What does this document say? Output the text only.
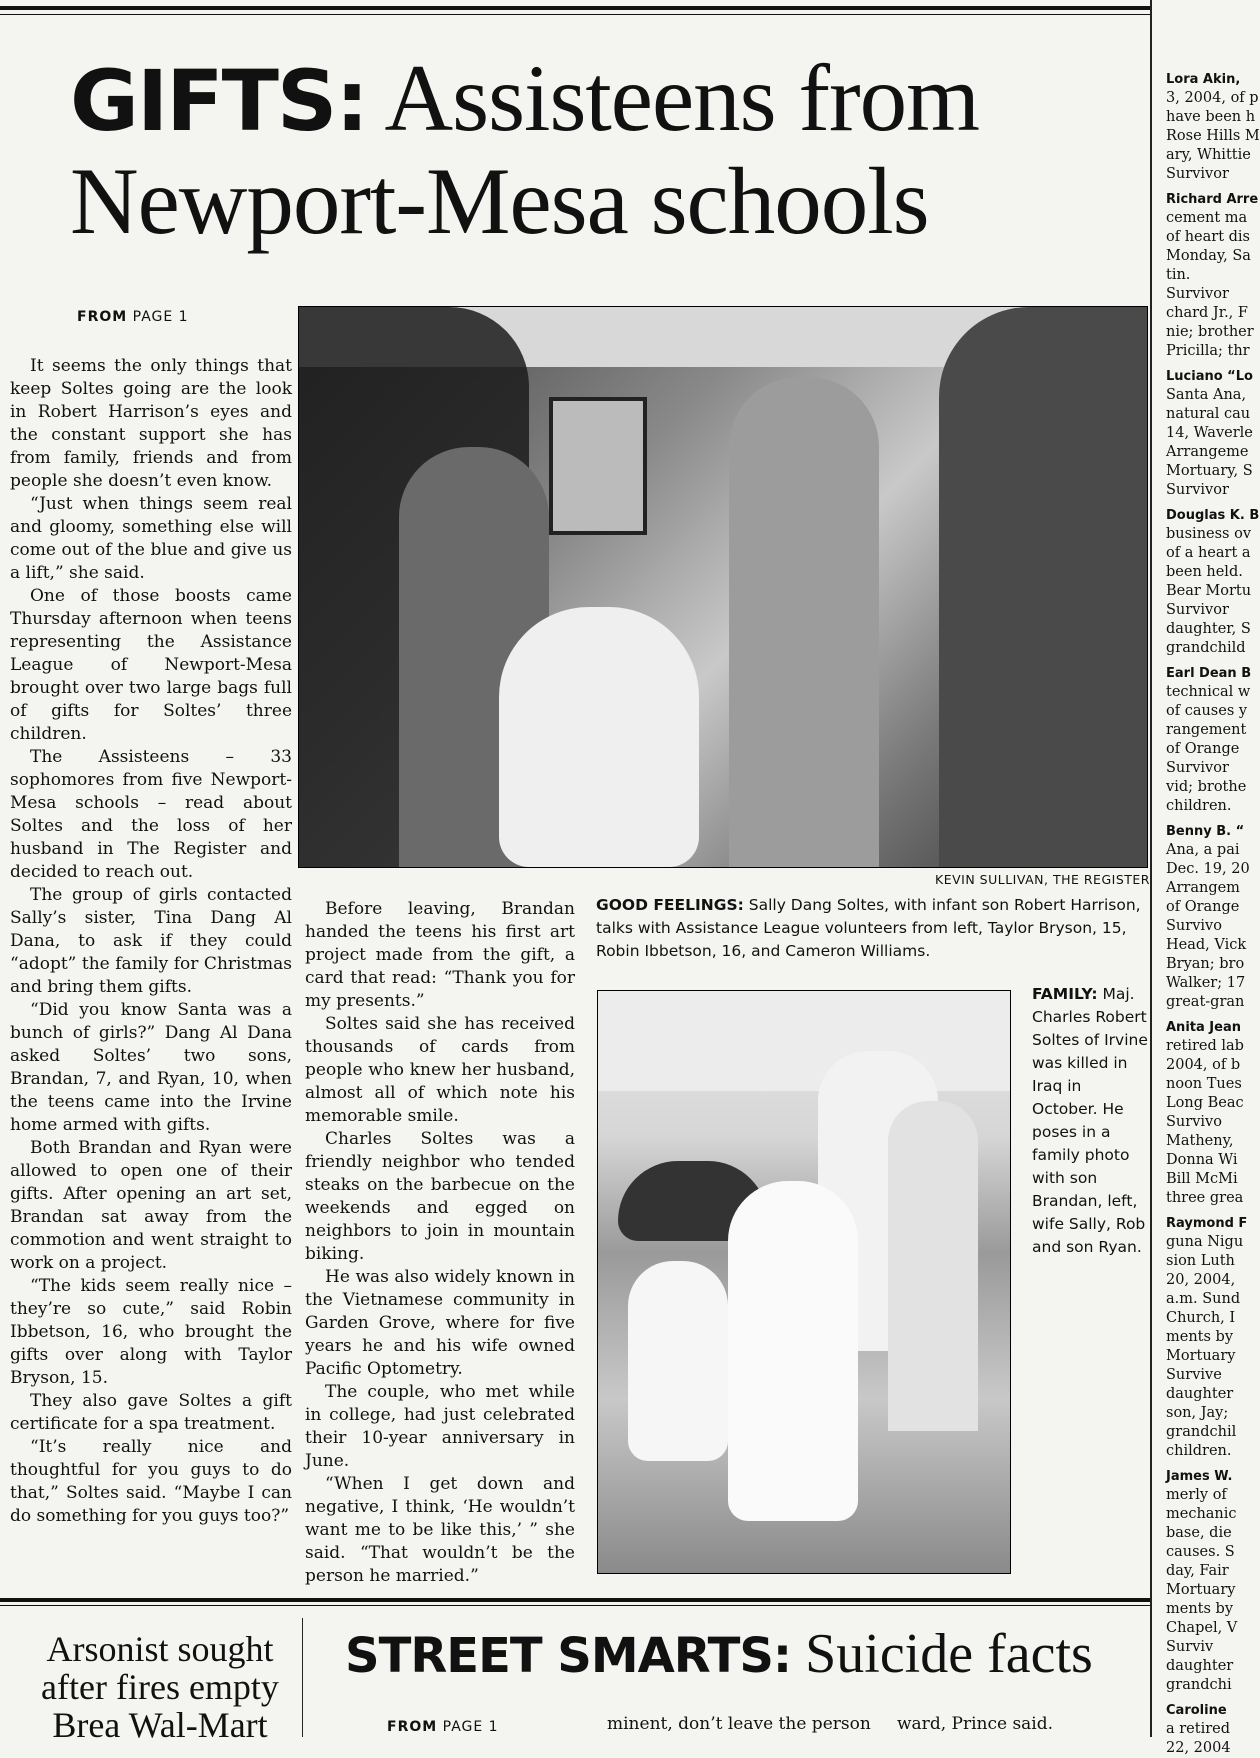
GIFTS: Assisteens from Newport-Mesa schools
FROM PAGE 1

It seems the only things that keep Soltes going are the look in Robert Harrison’s eyes and the constant support she has from family, friends and from people she doesn’t even know.

“Just when things seem real and gloomy, something else will come out of the blue and give us a lift,” she said.

One of those boosts came Thursday afternoon when teens representing the Assistance League of Newport-Mesa brought over two large bags full of gifts for Soltes’ three children.

The Assisteens – 33 sophomores from five Newport-Mesa schools – read about Soltes and the loss of her husband in The Register and decided to reach out.

The group of girls contacted Sally’s sister, Tina Dang Al Dana, to ask if they could “adopt” the family for Christmas and bring them gifts.

“Did you know Santa was a bunch of girls?” Dang Al Dana asked Soltes’ two sons, Brandan, 7, and Ryan, 10, when the teens came into the Irvine home armed with gifts.

Both Brandan and Ryan were allowed to open one of their gifts. After opening an art set, Brandan sat away from the commotion and went straight to work on a project.

“The kids seem really nice – they’re so cute,” said Robin Ibbetson, 16, who brought the gifts over along with Taylor Bryson, 15.

They also gave Soltes a gift certificate for a spa treatment.

“It’s really nice and thoughtful for you guys to do that,” Soltes said. “Maybe I can do something for you guys too?”

Before leaving, Brandan handed the teens his first art project made from the gift, a card that read: “Thank you for my presents.”

Soltes said she has received thousands of cards from people who knew her husband, almost all of which note his memorable smile.

Charles Soltes was a friendly neighbor who tended steaks on the barbecue on the weekends and egged on neighbors to join in mountain biking.

He was also widely known in the Vietnamese community in Garden Grove, where for five years he and his wife owned Pacific Optometry.

The couple, who met while in college, had just celebrated their 10-year anniversary in June.

“When I get down and negative, I think, ‘He wouldn’t want me to be like this,’ ” she said. “That wouldn’t be the person he married.”

KEVIN SULLIVAN, THE REGISTER
GOOD FEELINGS: Sally Dang Soltes, with infant son Robert Harrison, talks with Assistance League volunteers from left, Taylor Bryson, 15, Robin Ibbetson, 16, and Cameron Williams.
FAMILY: Maj. Charles Robert Soltes of Irvine was killed in Iraq in October. He poses in a family photo with son Brandan, left, wife Sally, Rob and son Ryan.
Arsonist sought after fires empty Brea Wal-Mart
STREET SMARTS: Suicide facts
FROM PAGE 1	minent, don’t leave the person ward, Prince said.
Lora Akin,
3, 2004, of p
have been h
Rose Hills M
ary, Whittie
Survivor
Richard Arre
cement ma
of heart dis
Monday, Sa
tin.
Survivor
chard Jr., F
nie; brother
Pricilla; thr
Luciano “Lo
Santa Ana,
natural cau
14, Waverle
Arrangeme
Mortuary, S
Survivor
Douglas K. B
business ov
of a heart a
been held.
Bear Mortu
Survivor
daughter, S
grandchild
Earl Dean B
technical w
of causes y
rangement
of Orange
Survivor
vid; brothe
children.
Benny B. “
Ana, a pai
Dec. 19, 20
Arrangem
of Orange
Survivo
Head, Vick
Bryan; bro
Walker; 17
great-gran
Anita Jean
retired lab
2004, of b
noon Tues
Long Beac
Survivo
Matheny,
Donna Wi
Bill McMi
three grea
Raymond F
guna Nigu
sion Luth
20, 2004,
a.m. Sund
Church, I
ments by
Mortuary
Survive
daughter
son, Jay;
grandchil
children.
James W.
merly of
mechanic
base, die
causes. S
day, Fair
Mortuary
ments by
Chapel, V
Surviv
daughter
grandchi
Caroline
a retired
22, 2004
